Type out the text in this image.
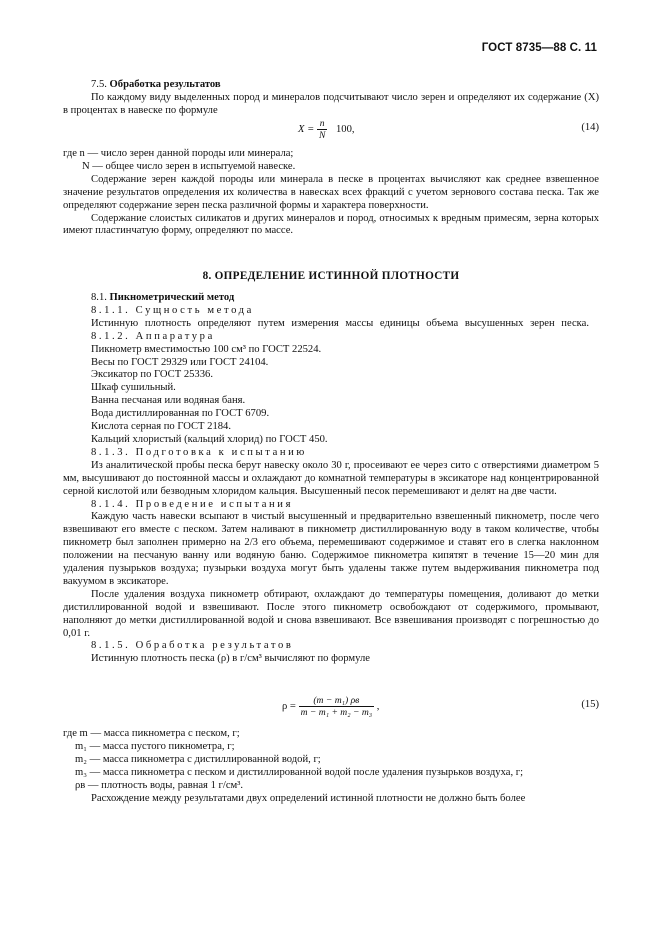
ГОСТ 8735—88 С. 11

7.5. Обработка результатов

По каждому виду выделенных пород и минералов подсчитывают число зерен и определяют их содержание (X) в процентах в навеске по формуле

$X = \frac{n}{N} 100$,	(14)

где n — число зерен данной породы или минерала;

N — общее число зерен в испытуемой навеске.

Содержание зерен каждой породы или минерала в песке в процентах вычисляют как среднее взвешенное значение результатов определения их количества в навесках всех фракций с учетом зернового состава песка. Так же определяют содержание зерен песка различной формы и характера поверхности.

Содержание слоистых силикатов и других минералов и пород, относимых к вредным примесям, зерна которых имеют пластинчатую форму, определяют по массе.

8. ОПРЕДЕЛЕНИЕ ИСТИННОЙ ПЛОТНОСТИ

8.1. Пикнометрический метод

8.1.1. Сущность метода

Истинную плотность определяют путем измерения массы единицы объема высушенных зерен песка.

8.1.2. Аппаратура

Пикнометр вместимостью 100 см³ по ГОСТ 22524.

Весы по ГОСТ 29329 или ГОСТ 24104.

Эксикатор по ГОСТ 25336.

Шкаф сушильный.

Ванна песчаная или водяная баня.

Вода дистиллированная по ГОСТ 6709.

Кислота серная по ГОСТ 2184.

Кальций хлористый (кальций хлорид) по ГОСТ 450.

8.1.3. Подготовка к испытанию

Из аналитической пробы песка берут навеску около 30 г, просеивают ее через сито с отверстиями диаметром 5 мм, высушивают до постоянной массы и охлаждают до комнатной температуры в эксикаторе над концентрированной серной кислотой или безводным хлоридом кальция. Высушенный песок перемешивают и делят на две части.

8.1.4. Проведение испытания

Каждую часть навески всыпают в чистый высушенный и предварительно взвешенный пикнометр, после чего взвешивают его вместе с песком. Затем наливают в пикнометр дистиллированную воду в таком количестве, чтобы пикнометр был заполнен примерно на 2/3 его объема, перемешивают содержимое и ставят его в слегка наклонном положении на песчаную ванну или водяную баню. Содержимое пикнометра кипятят в течение 15—20 мин для удаления пузырьков воздуха; пузырьки воздуха могут быть удалены также путем выдерживания пикнометра под вакуумом в эксикаторе.

После удаления воздуха пикнометр обтирают, охлаждают до температуры помещения, доливают до метки дистиллированной водой и взвешивают. После этого пикнометр освобождают от содержимого, промывают, наполняют до метки дистиллированной водой и снова взвешивают. Все взвешивания производят с погрешностью до 0,01 г.

8.1.5. Обработка результатов

Истинную плотность песка (ρ) в г/см³ вычисляют по формуле

$\rho = \frac{\text{(m − m₁) ρв}}{\text{m − m₁ + m₂ − m₃}}$ ,	(15)

где m — масса пикнометра с песком, г;

m₁ — масса пустого пикнометра, г;

m₂ — масса пикнометра с дистиллированной водой, г;

m₃ — масса пикнометра с песком и дистиллированной водой после удаления пузырьков воздуха, г;

ρв — плотность воды, равная 1 г/см³.

Расхождение между результатами двух определений истинной плотности не должно быть более
